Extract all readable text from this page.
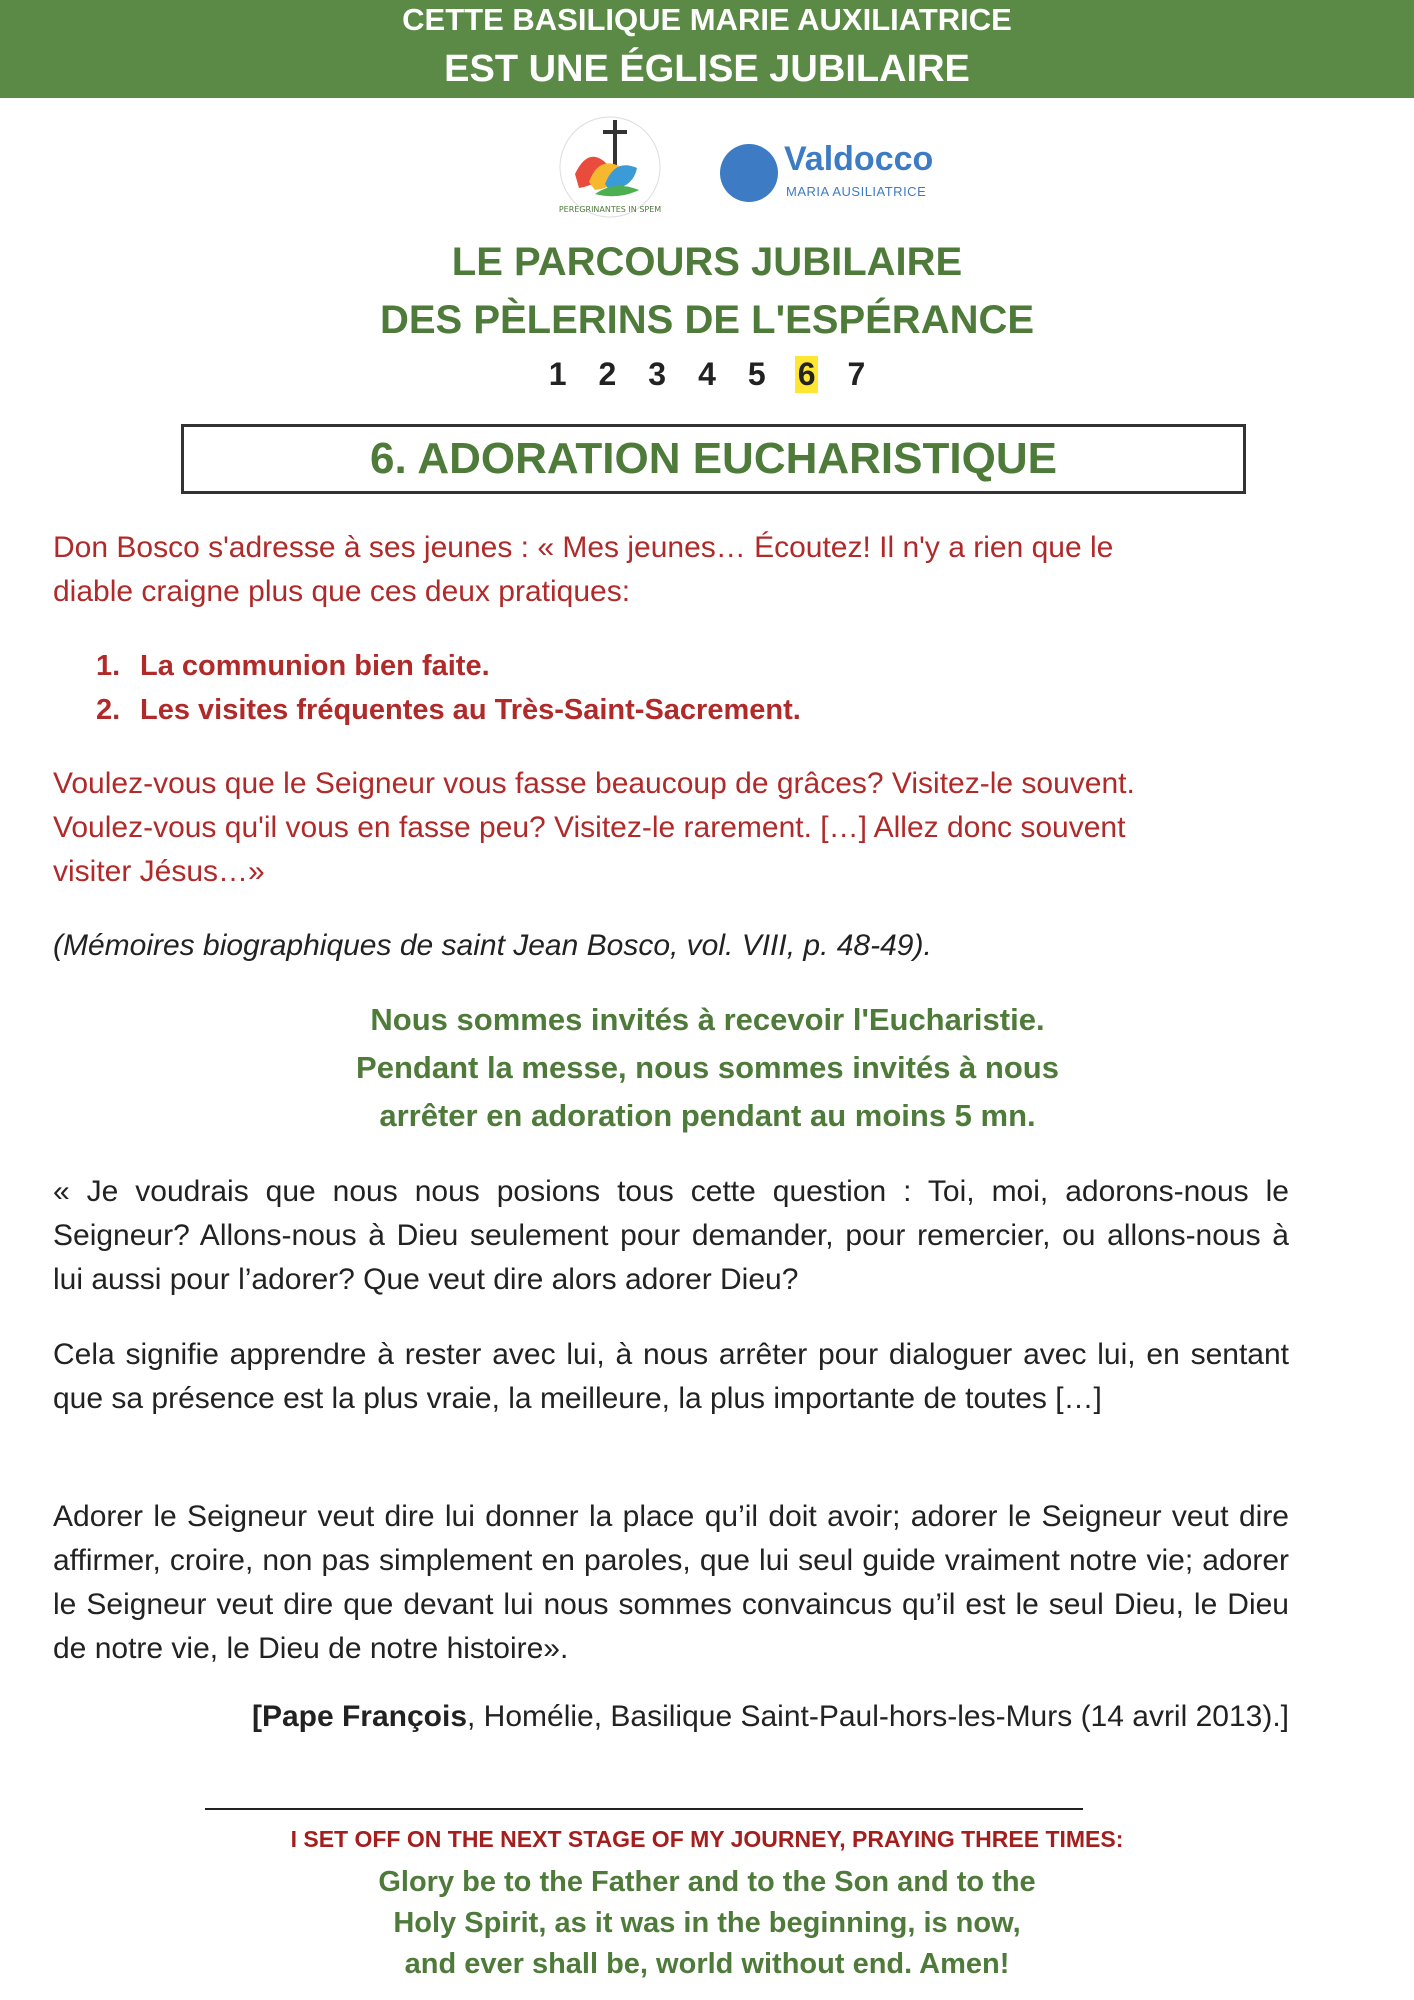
CETTE BASILIQUE MARIE AUXILIATRICE
EST UNE ÉGLISE JUBILAIRE
PEREGRINANTES IN SPEM
Valdocco
MARIA AUSILIATRICE
LE PARCOURS JUBILAIRE
DES PÈLERINS DE L'ESPÉRANCE
1 2 3 4 5 6 7
6. ADORATION EUCHARISTIQUE
Don Bosco s'adresse à ses jeunes : « Mes jeunes… Écoutez! Il n'y a rien que le
diable craigne plus que ces deux pratiques:
1. La communion bien faite.
2. Les visites fréquentes au Très-Saint-Sacrement.
Voulez-vous que le Seigneur vous fasse beaucoup de grâces? Visitez-le souvent.
Voulez-vous qu'il vous en fasse peu? Visitez-le rarement. […] Allez donc souvent
visiter Jésus…»
(Mémoires biographiques de saint Jean Bosco, vol. VIII, p. 48-49).
Nous sommes invités à recevoir l'Eucharistie.
Pendant la messe, nous sommes invités à nous
arrêter en adoration pendant au moins 5 mn.
« Je voudrais que nous nous posions tous cette question : Toi, moi, adorons-nous le Seigneur? Allons-nous à Dieu seulement pour demander, pour remercier, ou allons-nous à lui aussi pour l’adorer? Que veut dire alors adorer Dieu?
Cela signifie apprendre à rester avec lui, à nous arrêter pour dialoguer avec lui, en sentant que sa présence est la plus vraie, la meilleure, la plus importante de toutes […]
Adorer le Seigneur veut dire lui donner la place qu’il doit avoir; adorer le Seigneur veut dire affirmer, croire, non pas simplement en paroles, que lui seul guide vraiment notre vie; adorer le Seigneur veut dire que devant lui nous sommes convaincus qu’il est le seul Dieu, le Dieu de notre vie, le Dieu de notre histoire».
[Pape François, Homélie, Basilique Saint-Paul-hors-les-Murs (14 avril 2013).]
I SET OFF ON THE NEXT STAGE OF MY JOURNEY, PRAYING THREE TIMES:
Glory be to the Father and to the Son and to the
Holy Spirit, as it was in the beginning, is now,
and ever shall be, world without end. Amen!
